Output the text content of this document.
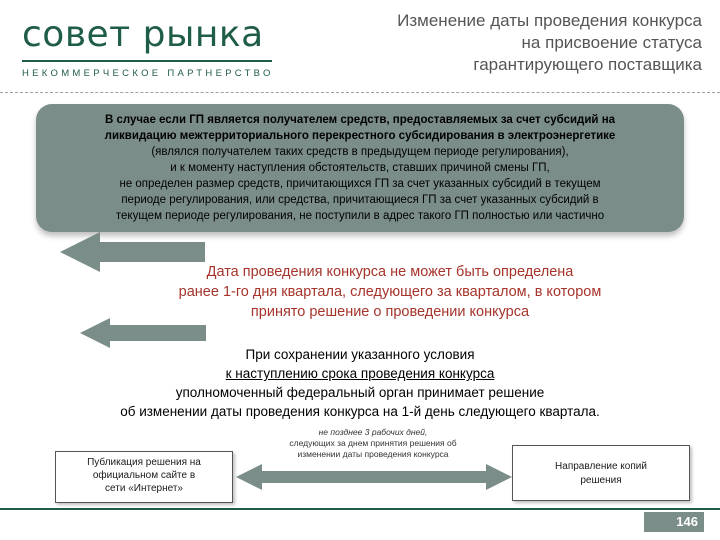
совет рынка
НЕКОММЕРЧЕСКОЕ ПАРТНЕРСТВО
Изменение даты проведения конкурса
на присвоение статуса
гарантирующего поставщика
В случае если ГП является получателем средств, предоставляемых за счет субсидий на
ликвидацию межтерриториального перекрестного субсидирования в электроэнергетике
(являлся получателем таких средств в предыдущем периоде регулирования),
и к моменту наступления обстоятельств, ставших причиной смены ГП,
не определен размер средств, причитающихся ГП за счет указанных субсидий в текущем
периоде регулирования, или средства, причитающиеся ГП за счет указанных субсидий в
текущем периоде регулирования, не поступили в адрес такого ГП полностью или частично
Дата проведения конкурса не может быть определена
ранее 1-го дня квартала, следующего за кварталом, в котором
принято решение о проведении конкурса
При сохранении указанного условия
к наступлению срока проведения конкурса
уполномоченный федеральный орган принимает решение
об изменении даты проведения конкурса на 1-й день следующего квартала.
не позднее 3 рабочих дней,
следующих за днем принятия решения об
изменении даты проведения конкурса
Публикация решения на
официальном сайте в
сети «Интернет»
Направление копий
решения
146
